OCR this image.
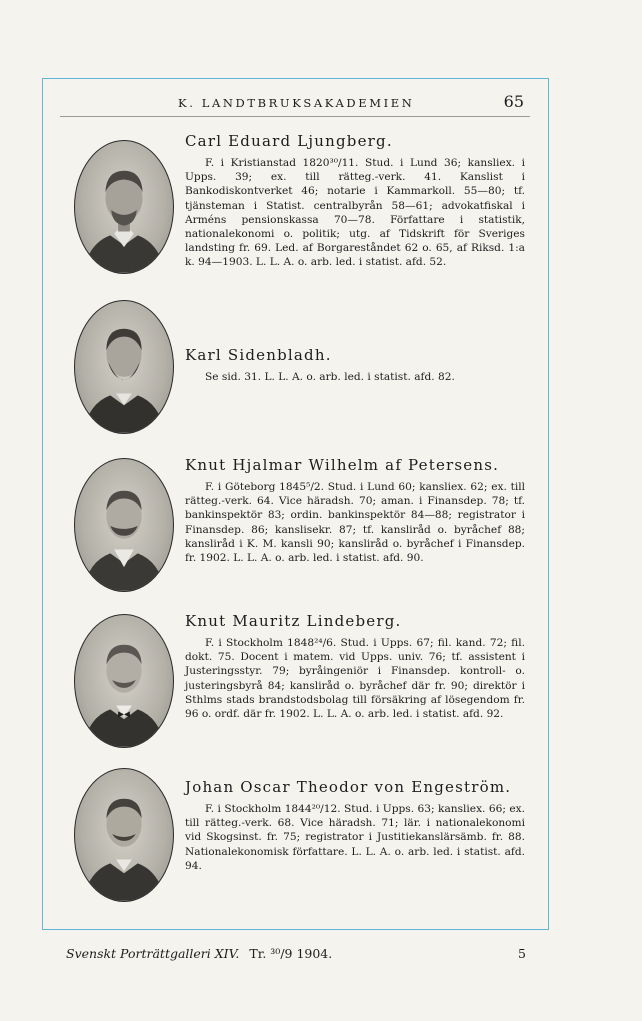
K. LANDTBRUKSAKADEMIEN	65

Carl Eduard Ljungberg.

F. i Kristianstad 1820³⁰/11. Stud. i Lund 36; kansliex. i Upps. 39; ex. till rätteg.-verk. 41. Kanslist i Bankodiskontverket 46; notarie i Kammarkoll. 55—80; tf. tjänsteman i Statist. centralbyrån 58—61; advokatfiskal i Arméns pensionskassa 70—78. Författare i statistik, nationalekonomi o. politik; utg. af Tidskrift för Sveriges landsting fr. 69. Led. af Borgareståndet 62 o. 65, af Riksd. 1:a k. 94—1903. L. L. A. o. arb. led. i statist. afd. 52.

Karl Sidenbladh.

Se sid. 31. L. L. A. o. arb. led. i statist. afd. 82.

Knut Hjalmar Wilhelm af Petersens.

F. i Göteborg 1845⁵/2. Stud. i Lund 60; kansliex. 62; ex. till rätteg.-verk. 64. Vice häradsh. 70; aman. i Finansdep. 78; tf. bankinspektör 83; ordin. bankinspektör 84—88; registrator i Finansdep. 86; kanslisekr. 87; tf. kansliråd o. byråchef 88; kansliråd i K. M. kansli 90; kansliråd o. byråchef i Finansdep. fr. 1902. L. L. A. o. arb. led. i statist. afd. 90.

Knut Mauritz Lindeberg.

F. i Stockholm 1848²⁴/6. Stud. i Upps. 67; fil. kand. 72; fil. dokt. 75. Docent i matem. vid Upps. univ. 76; tf. assistent i Justeringsstyr. 79; byråingeniör i Finansdep. kontroll- o. justeringsbyrå 84; kansliråd o. byråchef där fr. 90; direktör i Sthlms stads brandstodsbolag till försäkring af lösegendom fr. 96 o. ordf. där fr. 1902. L. L. A. o. arb. led. i statist. afd. 92.

Johan Oscar Theodor von Engeström.

F. i Stockholm 1844²⁰/12. Stud. i Upps. 63; kansliex. 66; ex. till rätteg.-verk. 68. Vice häradsh. 71; lär. i nationalekonomi vid Skogsinst. fr. 75; registrator i Justitiekanslärsämb. fr. 88. Nationalekonomisk författare. L. L. A. o. arb. led. i statist. afd. 94.

Svenskt Porträttgalleri XIV. Tr. ³⁰/9 1904.	5
